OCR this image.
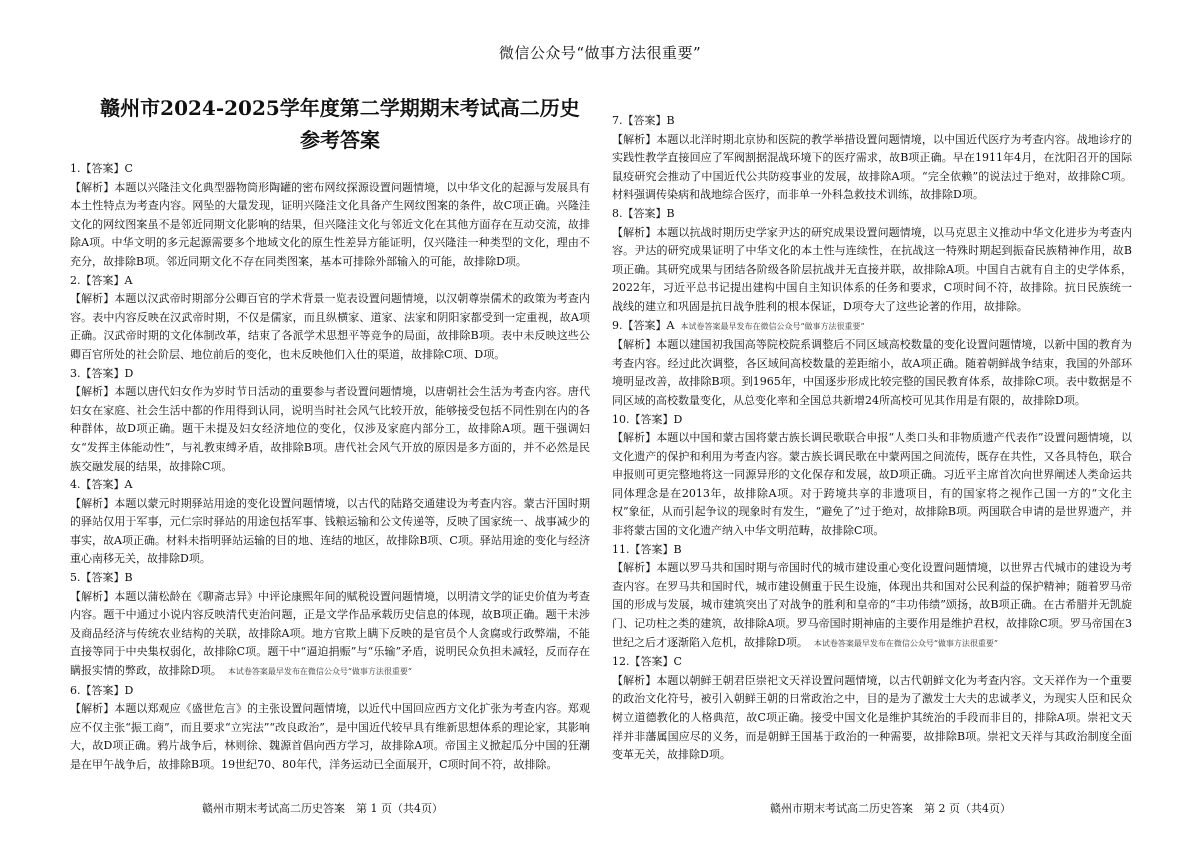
微信公众号“做事方法很重要”
赣州市2024-2025学年度第二学期期末考试高二历史
参考答案

1.【答案】C

【解析】本题以兴隆洼文化典型器物筒形陶罐的密布网纹探源设置问题情境，以中华文化的起源与发展具有本土性特点为考查内容。网坠的大量发现，证明兴隆洼文化具备产生网纹图案的条件，故C项正确。兴隆洼文化的网纹图案虽不是邻近同期文化影响的结果，但兴隆洼文化与邻近文化在其他方面存在互动交流，故排除A项。中华文明的多元起源需要多个地域文化的原生性差异方能证明，仅兴隆洼一种类型的文化，理由不充分，故排除B项。邻近同期文化不存在同类图案，基本可排除外部输入的可能，故排除D项。

2.【答案】A

【解析】本题以汉武帝时期部分公卿百官的学术背景一览表设置问题情境，以汉朝尊崇儒术的政策为考查内容。表中内容反映在汉武帝时期，不仅是儒家，而且纵横家、道家、法家和阴阳家都受到一定重视，故A项正确。汉武帝时期的文化体制改革，结束了各派学术思想平等竞争的局面，故排除B项。表中未反映这些公卿百官所处的社会阶层、地位前后的变化，也未反映他们入仕的渠道，故排除C项、D项。

3.【答案】D

【解析】本题以唐代妇女作为岁时节日活动的重要参与者设置问题情境，以唐朝社会生活为考查内容。唐代妇女在家庭、社会生活中都的作用得到认同，说明当时社会风气比较开放，能够接受包括不同性别在内的各种群体，故D项正确。题干未提及妇女经济地位的变化，仅涉及家庭内部分工，故排除A项。题干强调妇女“发挥主体能动性”，与礼教束缚矛盾，故排除B项。唐代社会风气开放的原因是多方面的，并不必然是民族交融发展的结果，故排除C项。

4.【答案】A

【解析】本题以蒙元时期驿站用途的变化设置问题情境，以古代的陆路交通建设为考查内容。蒙古汗国时期的驿站仅用于军事，元仁宗时驿站的用途包括军事、钱粮运输和公文传递等，反映了国家统一、战事减少的事实，故A项正确。材料未指明驿站运输的目的地、连结的地区，故排除B项、C项。驿站用途的变化与经济重心南移无关，故排除D项。

5.【答案】B

【解析】本题以蒲松龄在《聊斋志异》中评论康熙年间的赋税设置问题情境，以明清文学的证史价值为考查内容。题干中通过小说内容反映清代吏治问题，正是文学作品承载历史信息的体现，故B项正确。题干未涉及商品经济与传统农业结构的关联，故排除A项。地方官欺上瞒下反映的是官员个人贪腐或行政弊端，不能直接等同于中央集权弱化，故排除C项。题干中“逼迫捐赈”与“乐输”矛盾，说明民众负担未减轻，反而存在瞒报实情的弊政，故排除D项。 本试卷答案最早发布在微信公众号“做事方法很重要”

6.【答案】D

【解析】本题以郑观应《盛世危言》的主张设置问题情境，以近代中国回应西方文化扩张为考查内容。郑观应不仅主张“振工商”，而且要求“立宪法”“改良政治”，是中国近代较早具有维新思想体系的理论家，其影响大，故D项正确。鸦片战争后，林则徐、魏源首倡向西方学习，故排除A项。帝国主义掀起瓜分中国的狂潮是在甲午战争后，故排除B项。19世纪70、80年代，洋务运动已全面展开，C项时间不符，故排除。

7.【答案】B

【解析】本题以北洋时期北京协和医院的教学举措设置问题情境，以中国近代医疗为考查内容。战地诊疗的实践性教学直接回应了军阀割据混战环境下的医疗需求，故B项正确。早在1911年4月，在沈阳召开的国际鼠疫研究会推动了中国近代公共防疫事业的发展，故排除A项。“完全依赖”的说法过于绝对，故排除C项。材料强调传染病和战地综合医疗，而非单一外科急救技术训练，故排除D项。

8.【答案】B

【解析】本题以抗战时期历史学家尹达的研究成果设置问题情境，以马克思主义推动中华文化进步为考查内容。尹达的研究成果证明了中华文化的本土性与连续性，在抗战这一特殊时期起到振奋民族精神作用，故B项正确。其研究成果与团结各阶级各阶层抗战并无直接并联，故排除A项。中国自古就有自主的史学体系，2022年，习近平总书记提出建构中国自主知识体系的任务和要求，C项时间不符，故排除。抗日民族统一战线的建立和巩固是抗日战争胜利的根本保证，D项夸大了这些论著的作用，故排除。

9.【答案】A 本试卷答案最早发布在微信公众号“做事方法很重要”

【解析】本题以建国初我国高等院校院系调整后不同区域高校数量的变化设置问题情境，以新中国的教育为考查内容。经过此次调整，各区域间高校数量的差距缩小，故A项正确。随着朝鲜战争结束，我国的外部环境明显改善，故排除B项。到1965年，中国逐步形成比较完整的国民教育体系，故排除C项。表中数据是不同区域的高校数量变化，从总变化率和全国总共新增24所高校可见其作用是有限的，故排除D项。

10.【答案】D

【解析】本题以中国和蒙古国将蒙古族长调民歌联合申报“人类口头和非物质遗产代表作”设置问题情境，以文化遗产的保护和利用为考查内容。蒙古族长调民歌在中蒙两国之间流传，既存在共性，又各具特色，联合申报则可更完整地将这一同源异形的文化保存和发展，故D项正确。习近平主席首次向世界阐述人类命运共同体理念是在2013年，故排除A项。对于跨境共享的非遗项目，有的国家将之视作己国一方的“文化主权”象征，从而引起争议的现象时有发生，“避免了”过于绝对，故排除B项。两国联合申请的是世界遗产，并非将蒙古国的文化遗产纳入中华文明范畴，故排除C项。

11.【答案】B

【解析】本题以罗马共和国时期与帝国时代的城市建设重心变化设置问题情境，以世界古代城市的建设为考查内容。在罗马共和国时代，城市建设侧重于民生设施，体现出共和国对公民利益的保护精神；随着罗马帝国的形成与发展，城市建筑突出了对战争的胜利和皇帝的“丰功伟绩”颂扬，故B项正确。在古希腊并无凯旋门、记功柱之类的建筑，故排除A项。罗马帝国时期神庙的主要作用是维护君权，故排除C项。罗马帝国在3世纪之后才逐渐陷入危机，故排除D项。 本试卷答案最早发布在微信公众号“做事方法很重要”

12.【答案】C

【解析】本题以朝鲜王朝君臣崇祀文天祥设置问题情境，以古代朝鲜文化为考查内容。文天祥作为一个重要的政治文化符号，被引入朝鲜王朝的日常政治之中，目的是为了激发士大夫的忠诚孝义，为现实人臣和民众树立道德教化的人格典范，故C项正确。接受中国文化是维护其统治的手段而非目的，排除A项。崇祀文天祥并非藩属国应尽的义务，而是朝鲜王国基于政治的一种需要，故排除B项。崇祀文天祥与其政治制度全面变革无关，故排除D项。

赣州市期末考试高二历史答案　第 1 页（共4页）	赣州市期末考试高二历史答案　第 2 页（共4页）
